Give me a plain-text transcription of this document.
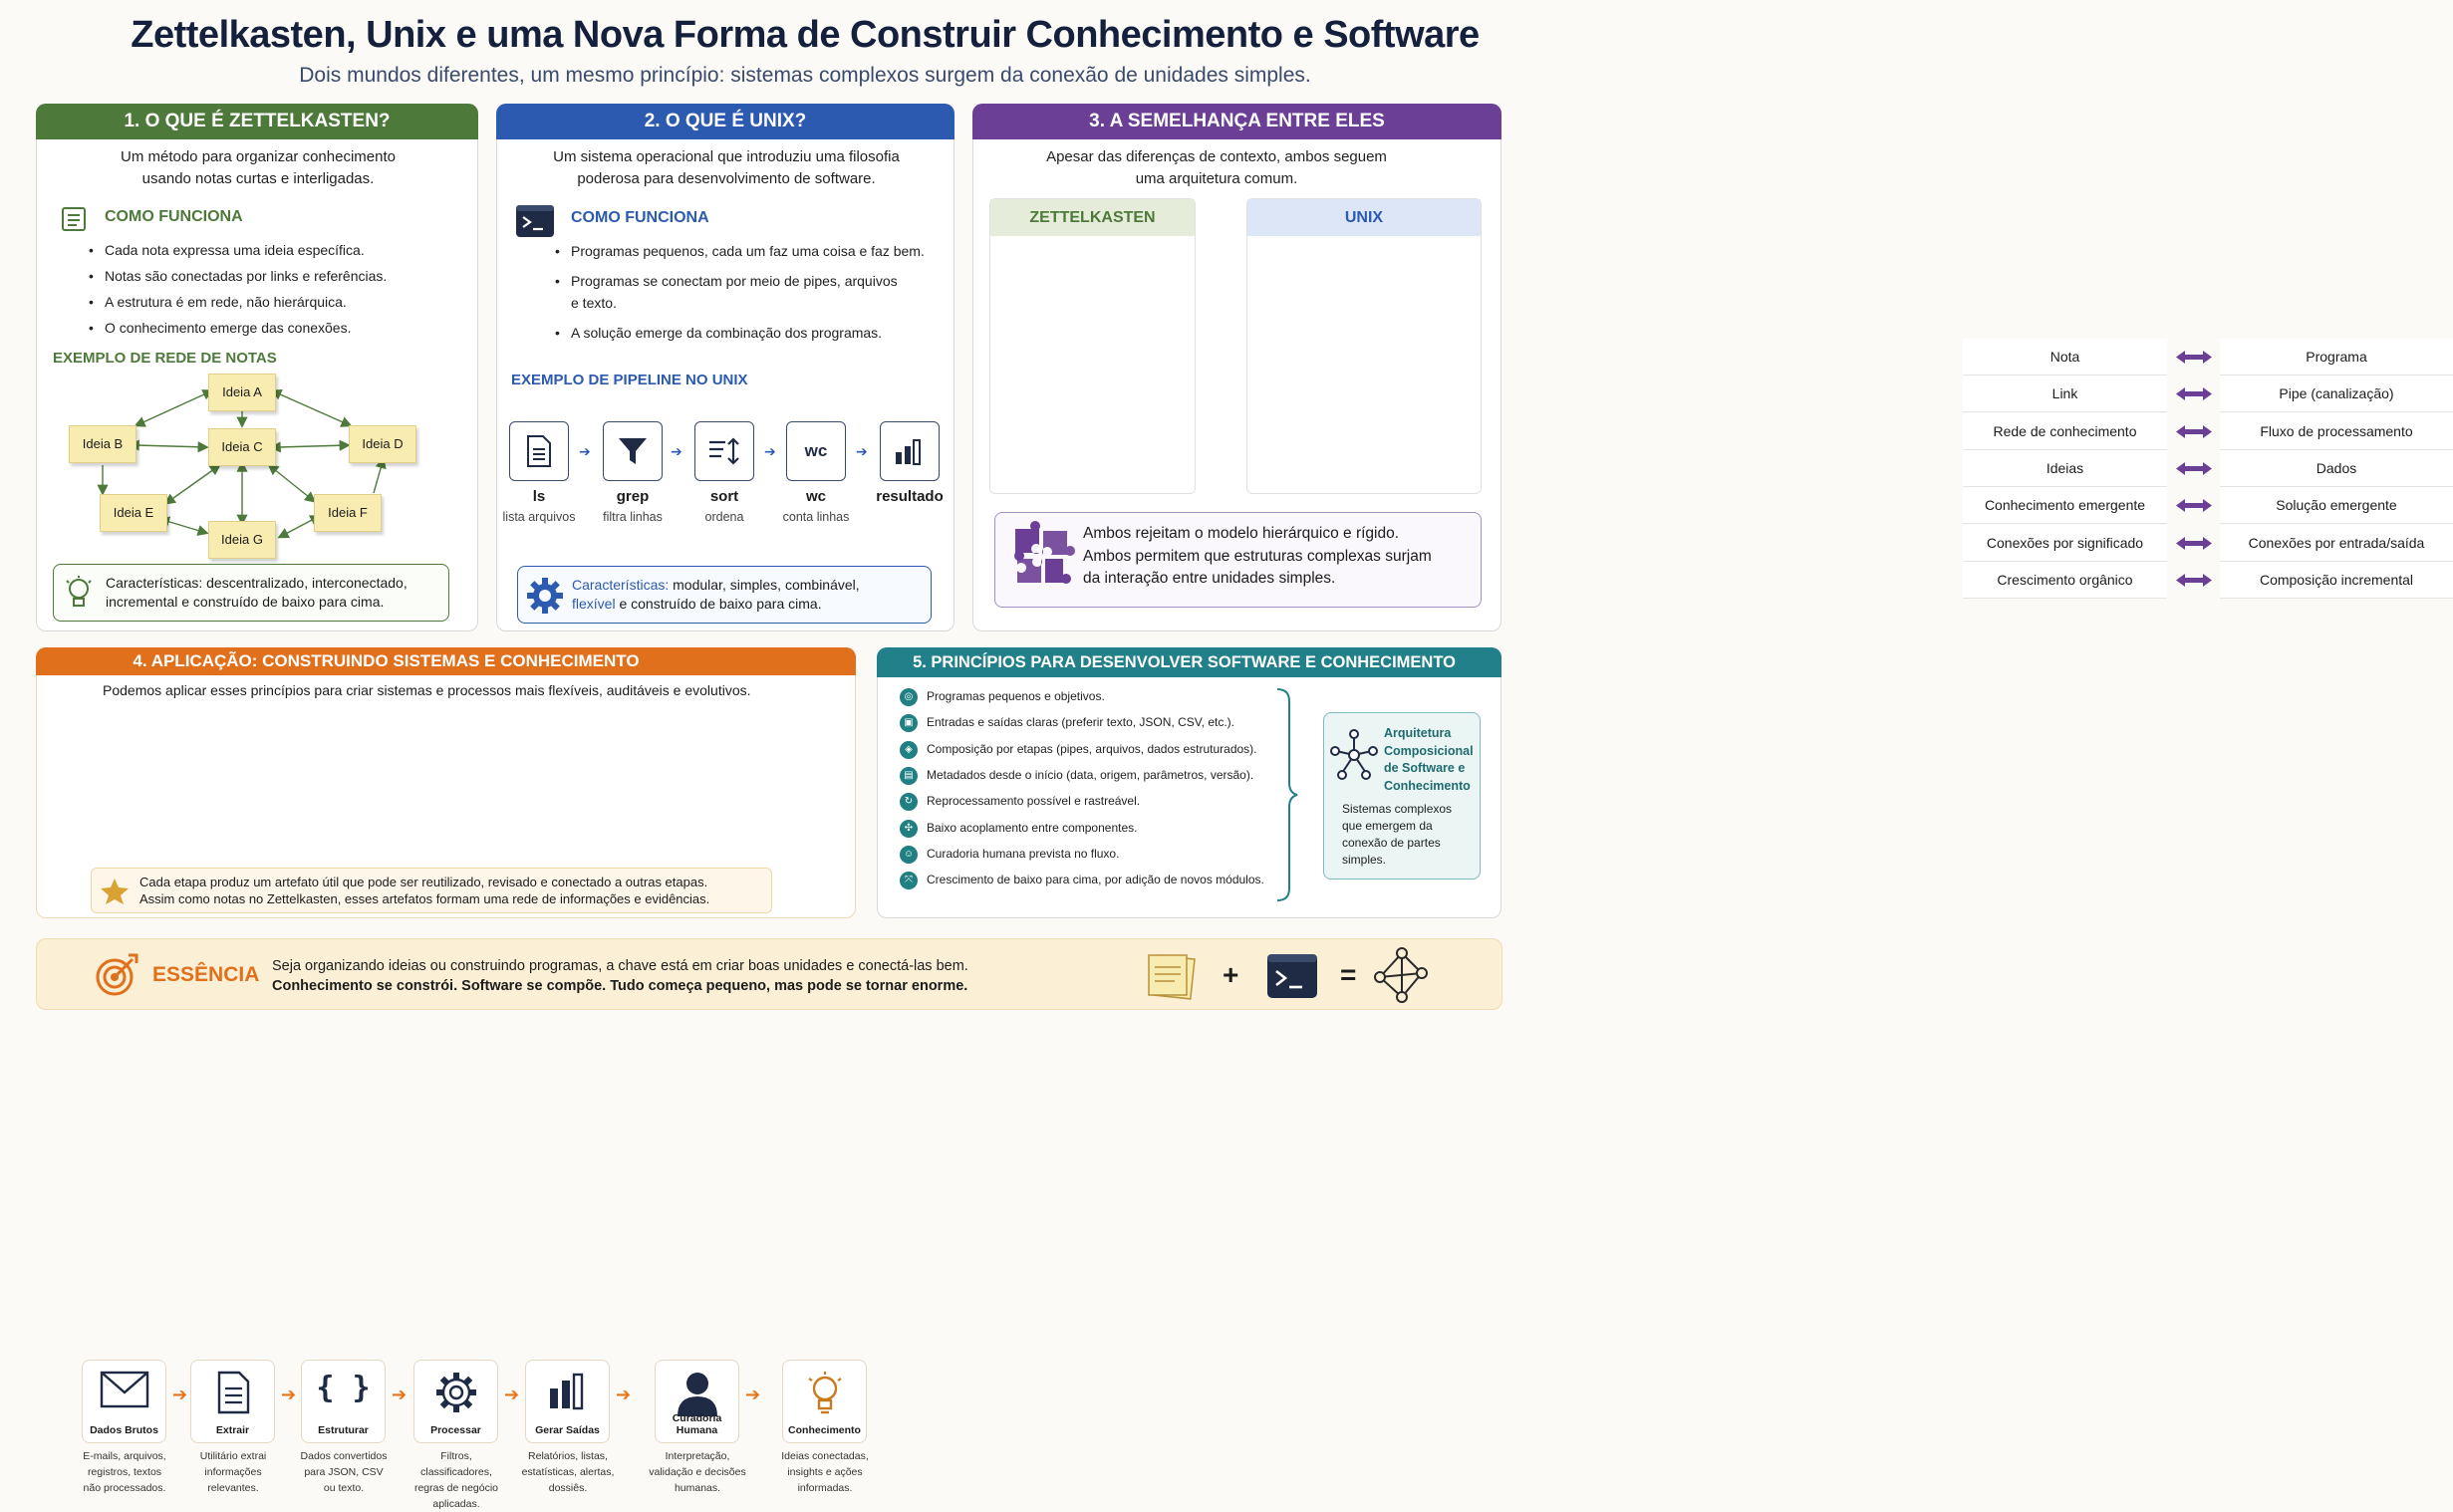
Zettelkasten, Unix e uma Nova Forma de Construir Conhecimento e Software
Dois mundos diferentes, um mesmo princípio: sistemas complexos surgem da conexão de unidades simples.
1. O QUE É ZETTELKASTEN?
Um método para organizar conhecimento
usando notas curtas e interligadas.
COMO FUNCIONA
• Cada nota expressa uma ideia específica.
• Notas são conectadas por links e referências.
• A estrutura é em rede, não hierárquica.
• O conhecimento emerge das conexões.
EXEMPLO DE REDE DE NOTAS
Ideia A
Ideia B	Ideia C	Ideia D
Ideia E	Ideia F
Ideia G
Características: descentralizado, interconectado,
incremental e construído de baixo para cima.
2. O QUE É UNIX?
Um sistema operacional que introduziu uma filosofia
poderosa para desenvolvimento de software.
COMO FUNCIONA
• Programas pequenos, cada um faz uma coisa e faz bem.
• Programas se conectam por meio de pipes, arquivos
e texto.
• A solução emerge da combinação dos programas.
EXEMPLO DE PIPELINE NO UNIX
➔	➔	➔ wc ➔
ls	grep	sort	wc	resultado
lista arquivos	filtra linhas	ordena	conta linhas
Características: modular, simples, combinável,
flexível e construído de baixo para cima.
3. A SEMELHANÇA ENTRE ELES
Apesar das diferenças de contexto, ambos seguem
uma arquitetura comum.
ZETTELKASTEN	UNIX
Nota	Programa
Link	Pipe (canalização)
Rede de conhecimento	Fluxo de processamento
Ideias	Dados
Conhecimento emergente	Solução emergente
Conexões por significado	Conexões por entrada/saída
Crescimento orgânico	Composição incremental
Ambos rejeitam o modelo hierárquico e rígido.
Ambos permitem que estruturas complexas surjam
da interação entre unidades simples.
4. APLICAÇÃO: CONSTRUINDO SISTEMAS E CONHECIMENTO
Podemos aplicar esses princípios para criar sistemas e processos mais flexíveis, auditáveis e evolutivos.
Dados Brutos
E-mails, arquivos,
registros, textos
não processados.
➔
Extrair
Utilitário extrai
informações
relevantes.
➔ { }
Estruturar
Dados convertidos
para JSON, CSV
ou texto.
➔
Processar
Filtros, classificadores,
regras de negócio
aplicadas.
➔
Gerar Saídas
Relatórios, listas,
estatísticas, alertas,
dossiês.
➔
Curadoria Humana
Interpretação,
validação e decisões
humanas.
➔
Conhecimento
Ideias conectadas,
insights e ações
informadas.
Cada etapa produz um artefato útil que pode ser reutilizado, revisado e conectado a outras etapas.
Assim como notas no Zettelkasten, esses artefatos formam uma rede de informações e evidências.
5. PRINCÍPIOS PARA DESENVOLVER SOFTWARE E CONHECIMENTO
◎	Programas pequenos e objetivos.
▣	Entradas e saídas claras (preferir texto, JSON, CSV, etc.).
◈	Composição por etapas (pipes, arquivos, dados estruturados).
▤	Metadados desde o início (data, origem, parâmetros, versão).
↻	Reprocessamento possível e rastreável.
✣	Baixo acoplamento entre componentes.
☺	Curadoria humana prevista no fluxo.
⤧	Crescimento de baixo para cima, por adição de novos módulos.
Arquitetura
Composicional
de Software e
Conhecimento
Sistemas complexos
que emergem da
conexão de partes
simples.
ESSÊNCIA Seja organizando ideias ou construindo programas, a chave está em criar boas unidades e conectá-las bem.
Conhecimento se constrói. Software se compõe. Tudo começa pequeno, mas pode se tornar enorme.	+	=
